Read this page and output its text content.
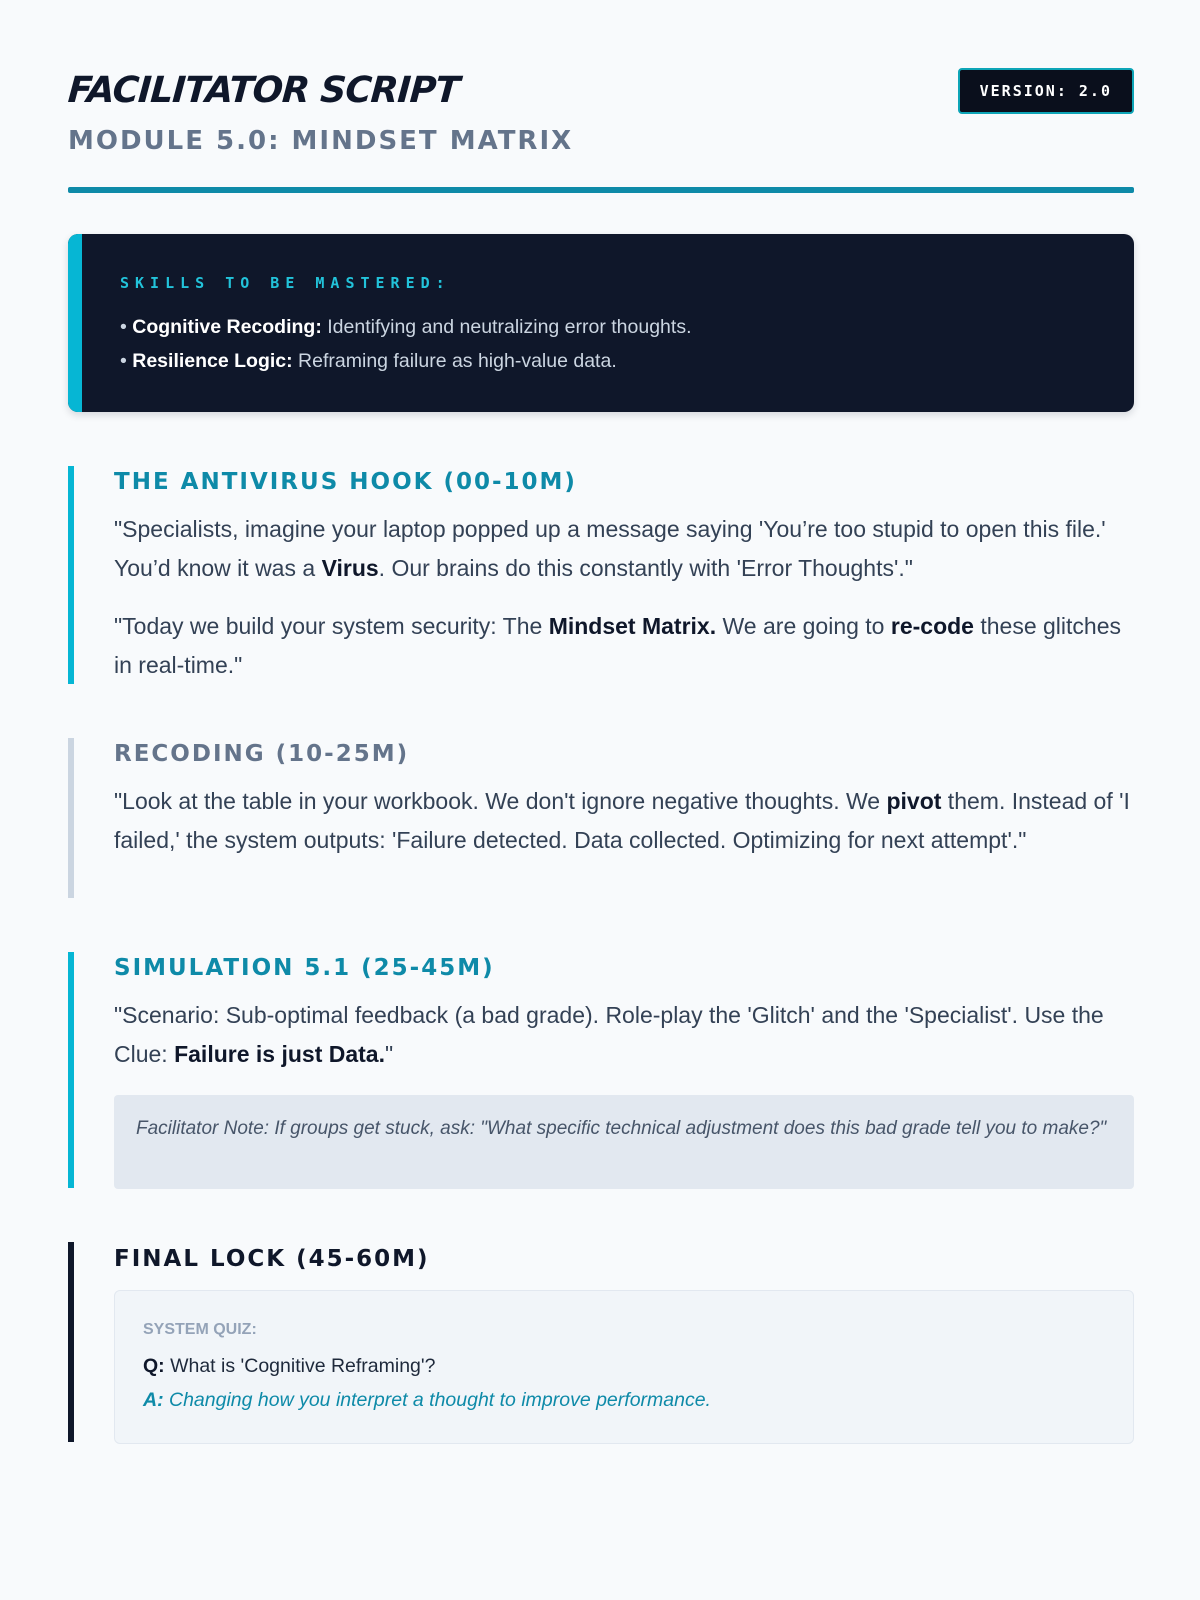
FACILITATOR SCRIPT
MODULE 5.0: MINDSET MATRIX
VERSION: 2.0
SKILLS TO BE MASTERED:
• Cognitive Recoding: Identifying and neutralizing error thoughts.
• Resilience Logic: Reframing failure as high-value data.
THE ANTIVIRUS HOOK (00-10M)

"Specialists, imagine your laptop popped up a message saying 'You’re too stupid to open this file.' You’d know it was a Virus. Our brains do this constantly with 'Error Thoughts'."

"Today we build your system security: The Mindset Matrix. We are going to re-code these glitches in real-time."

RECODING (10-25M)

"Look at the table in your workbook. We don't ignore negative thoughts. We pivot them. Instead of 'I failed,' the system outputs: 'Failure detected. Data collected. Optimizing for next attempt'."

SIMULATION 5.1 (25-45M)

"Scenario: Sub-optimal feedback (a bad grade). Role-play the 'Glitch' and the 'Specialist'. Use the Clue: Failure is just Data."

Facilitator Note: If groups get stuck, ask: "What specific technical adjustment does this bad grade tell you to make?"
FINAL LOCK (45-60M)
SYSTEM QUIZ:
Q: What is 'Cognitive Reframing'?
A: Changing how you interpret a thought to improve performance.
